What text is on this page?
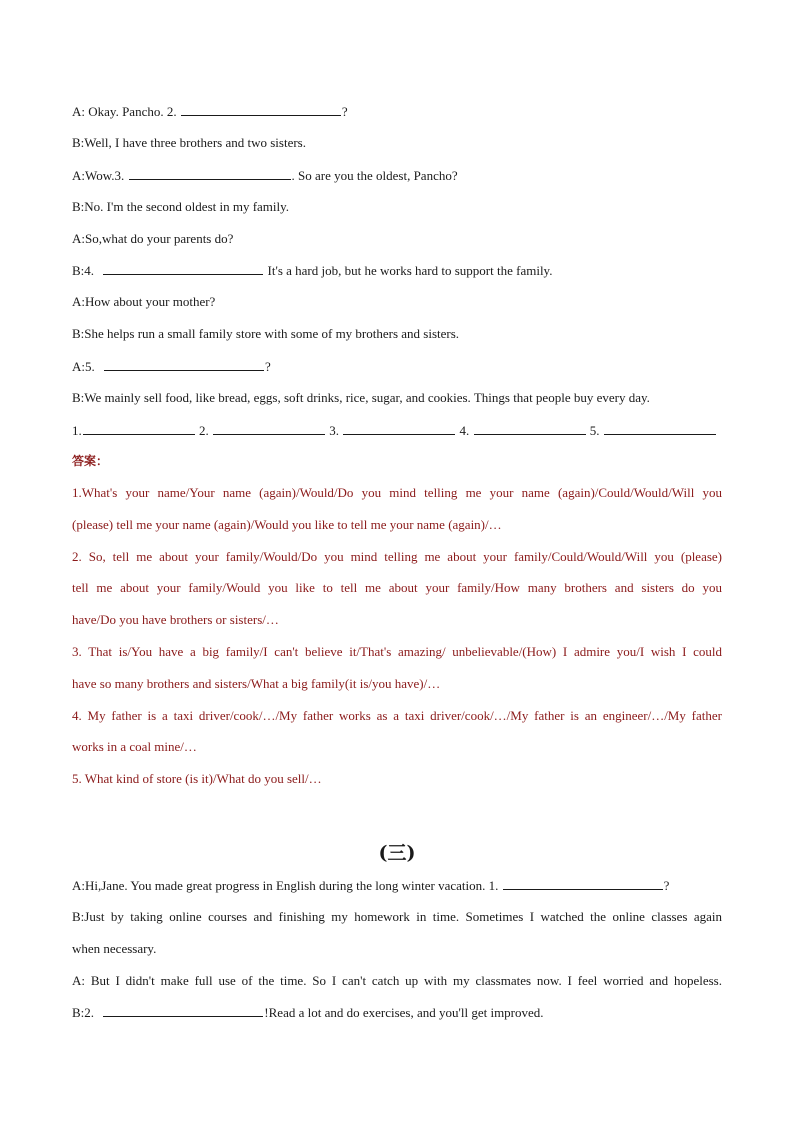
A: Okay. Pancho. 2.	?
B:Well, I have three brothers and two sisters.
A:Wow.3.	. So are you the oldest, Pancho?
B:No. I'm the second oldest in my family.
A:So,what do your parents do?
B:4.	It's a hard job, but he works hard to support the family.
A:How about your mother?
B:She helps run a small family store with some of my brothers and sisters.
A:5.	?
B:We mainly sell food, like bread, eggs, soft drinks, rice, sugar, and cookies. Things that people buy every day.
1.	2.	3.	4.	5.
答案：
1.What's your name/Your name (again)/Would/Do you mind telling me your name (again)/Could/Would/Will you
(please) tell me your name (again)/Would you like to tell me your name (again)/…
2. So, tell me about your family/Would/Do you mind telling me about your family/Could/Would/Will you (please)
tell me about your family/Would you like to tell me about your family/How many brothers and sisters do you
have/Do you have brothers or sisters/…
3. That is/You have a big family/I can't believe it/That's amazing/ unbelievable/(How) I admire you/I wish I could
have so many brothers and sisters/What a big family(it is/you have)/…
4. My father is a taxi driver/cook/…/My father works as a taxi driver/cook/…/My father is an engineer/…/My father
works in a coal mine/…
5. What kind of store (is it)/What do you sell/…
(三)
A:Hi,Jane. You made great progress in English during the long winter vacation. 1.	?
B:Just by taking online courses and finishing my homework in time. Sometimes I watched the online classes again
when necessary.
A: But I didn't make full use of the time. So I can't catch up with my classmates now. I feel worried and hopeless.
B:2.	!Read a lot and do exercises, and you'll get improved.
